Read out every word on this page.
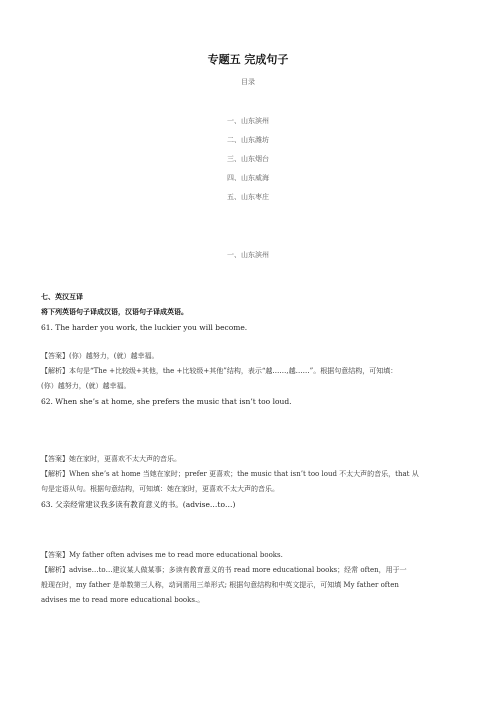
专题五 完成句子
目录
一、山东滨州
二、山东潍坊
三、山东烟台
四、山东威海
五、山东枣庄
一、山东滨州

七、英汉互译

将下列英语句子译成汉语，汉语句子译成英语。

61. The harder you work, the luckier you will become.

【答案】(你）越努力，(就）越幸福。

【解析】本句是“The +比较级+其他，the +比较级+其他”结构，表示“越……,越……”。根据句意结构，可知填：

(你）越努力，(就）越幸福。

62. When she’s at home, she prefers the music that isn’t too loud.

【答案】她在家时，更喜欢不太大声的音乐。

【解析】When she’s at home 当她在家时；prefer 更喜欢；the music that isn’t too loud 不太大声的音乐，that 从

句是定语从句。根据句意结构，可知填：她在家时，更喜欢不太大声的音乐。

63. 父亲经常建议我多读有教育意义的书。(advise…to…)

【答案】My father often advises me to read more educational books.

【解析】advise…to…建议某人做某事；多读有教育意义的书 read more educational books；经常 often，用于一

般现在时，my father 是单数第三人称，动词需用三单形式; 根据句意结构和中英文提示，可知填 My father often

advises me to read more educational books.。
